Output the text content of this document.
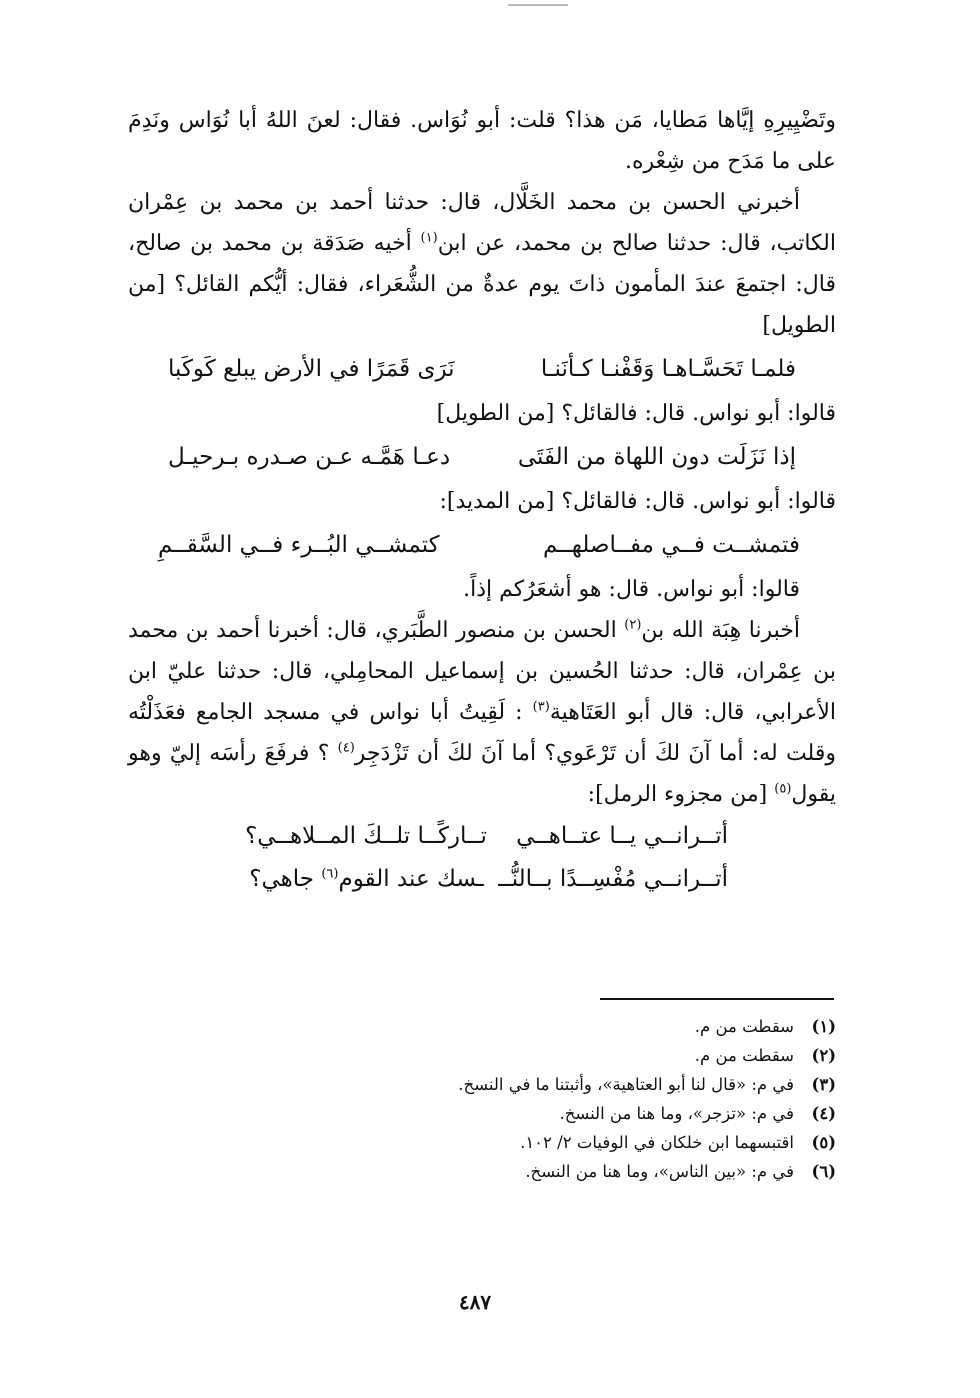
وتَضْيِيرِهِ إيَّاها مَطايا، مَن هذا؟ قلت: أبو نُوَاس. فقال: لعنَ اللهُ أبا نُوَاس ونَدِمَ على ما مَدَح من شِعْره.

أخبرني الحسن بن محمد الخَلَّال، قال: حدثنا أحمد بن محمد بن عِمْران الكاتب، قال: حدثنا صالح بن محمد، عن ابن$^{(١)}$ أخيه صَدَقة بن محمد بن صالح، قال: اجتمعَ عندَ المأمون ذاتَ يوم عدةٌ من الشُّعَراء، فقال: أيُّكم القائل؟ [من الطويل]

فلمـا تَحَسَّـاهـا وَقَفْنـا كـأنَنـا
نَرَى قَمَرًا في الأرض يبلع كَوكَبا

قالوا: أبو نواس. قال: فالقائل؟ [من الطويل]

إذا نَزَلَت دون اللهاة من الفَتَى
دعـا هَمَّـه عـن صـدره بـرحيـل

قالوا: أبو نواس. قال: فالقائل؟ [من المديد]:

فتمشــت فــي مفــاصلهــم
كتمشــي البُــرء فــي السَّقــمِ

قالوا: أبو نواس. قال: هو أشعَرُكم إذاً.

أخبرنا هِبَة الله بن$^{(٢)}$ الحسن بن منصور الطَّبَري، قال: أخبرنا أحمد بن محمد بن عِمْران، قال: حدثنا الحُسين بن إسماعيل المحامِلي، قال: حدثنا عليّ ابن الأعرابي، قال: قال أبو العَتَاهية$^{(٣)}$ : لَقِيتُ أبا نواس في مسجد الجامع فعَذَلْتُه وقلت له: أما آنَ لكَ أن تَرْعَوي؟ أما آنَ لكَ أن تَزْدَجِر$^{(٤)}$ ؟ فرفَعَ رأسَه إليّ وهو يقول$^{(٥)}$ [من مجزوء الرمل]:

أتــرانــي يــا عتــاهــي    تــاركًــا تلــكَ المــلاهــي؟
أتــرانــي مُفْسِــدًا بــالنُّــ  ـسك عند القوم$^{(٦)}$ جاهي؟
(١)سقطت من م.
(٢)سقطت من م.
(٣)في م: «قال لنا أبو العتاهية»، وأثبتنا ما في النسخ.
(٤)في م: «تزجر»، وما هنا من النسخ.
(٥)اقتبسهما ابن خلكان في الوفيات ٢/ ١٠٢.
(٦)في م: «بين الناس»، وما هنا من النسخ.
٤٨٧
